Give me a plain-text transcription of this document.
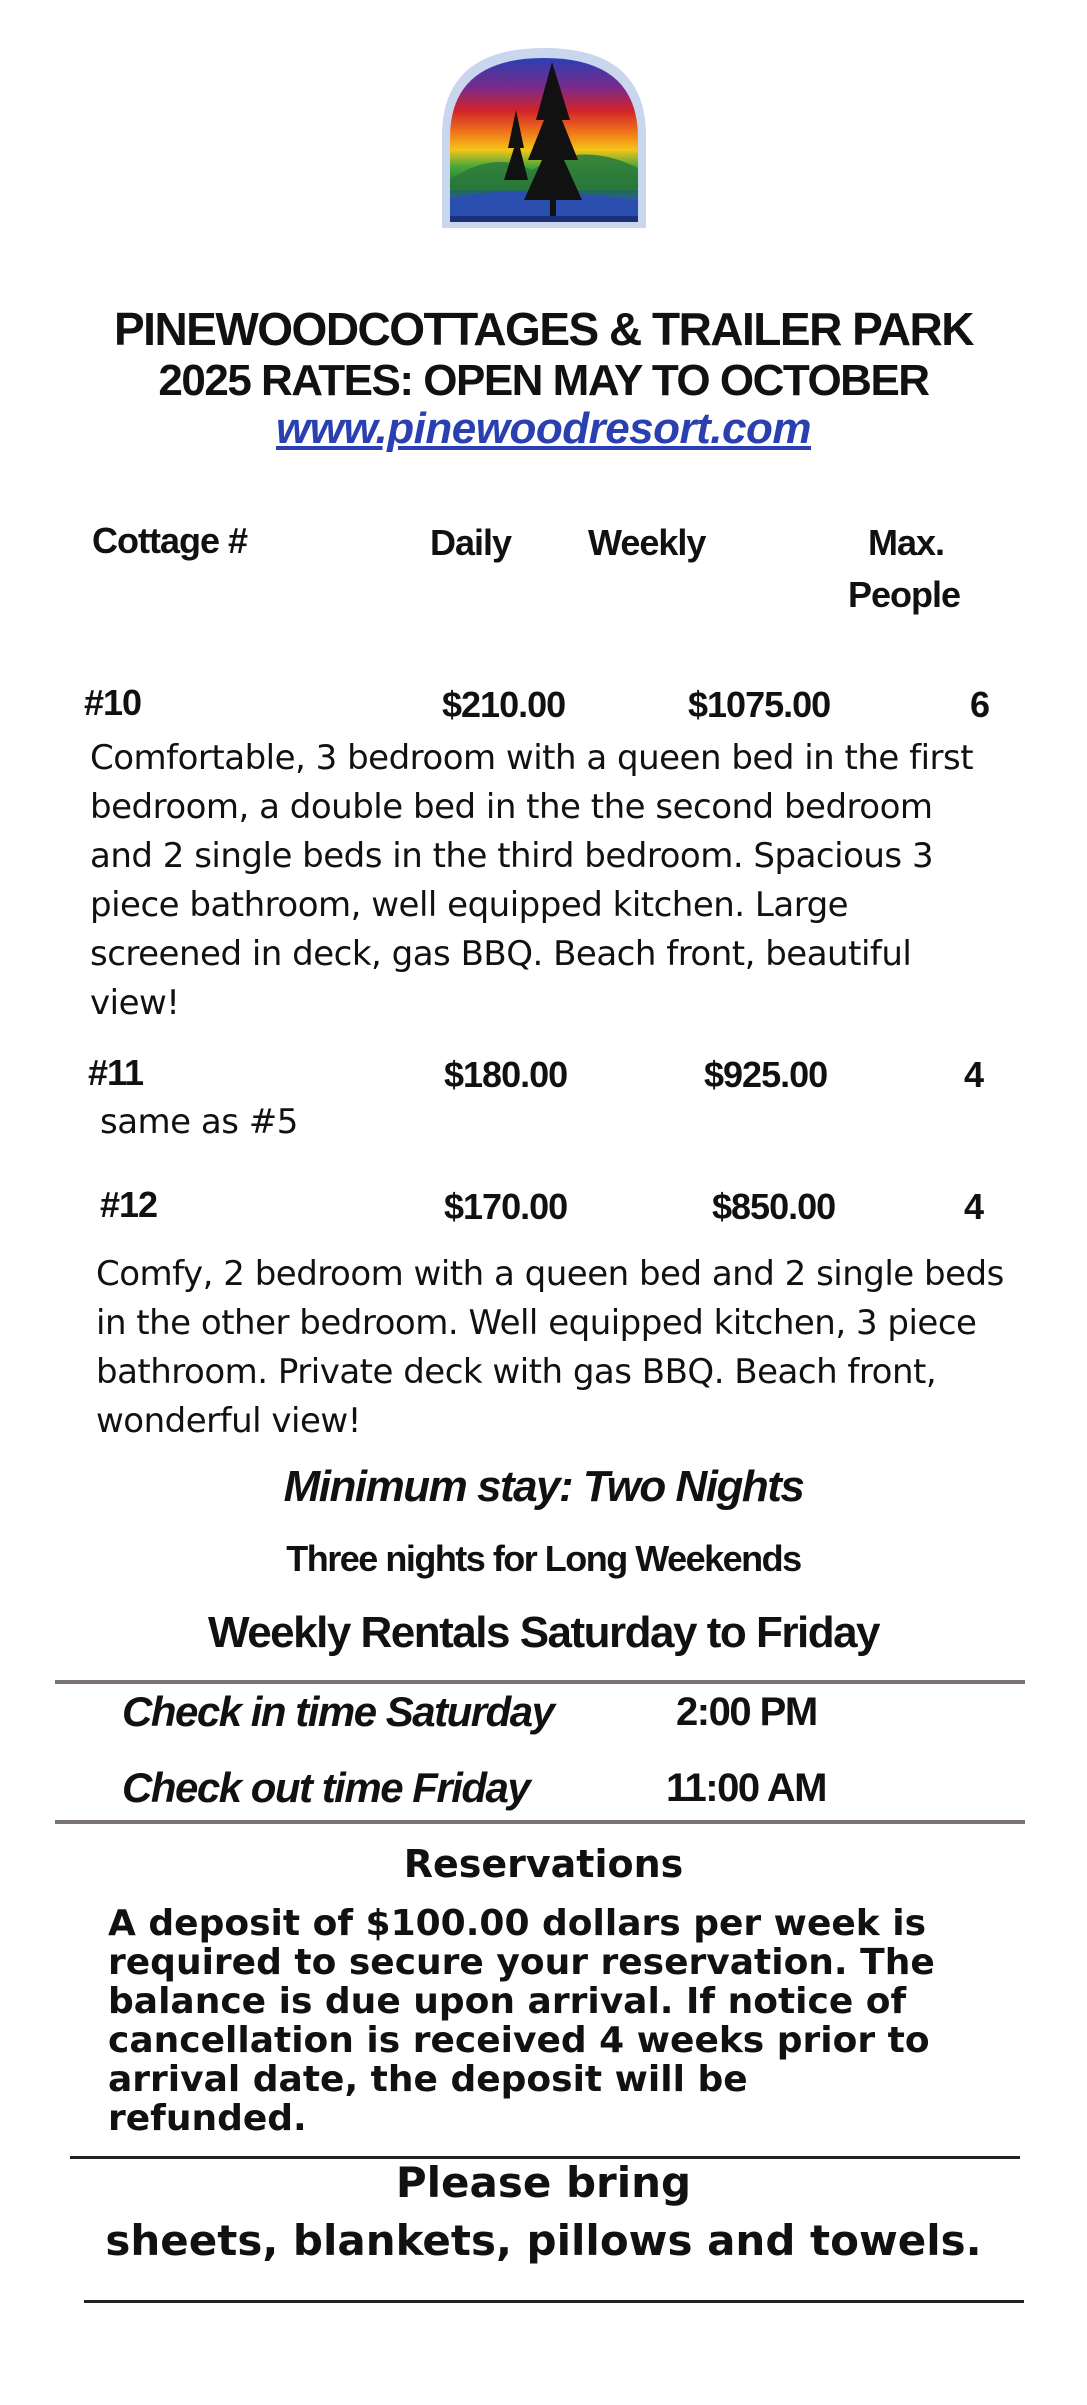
PINEWOODCOTTAGES & TRAILER PARK
2025 RATES: OPEN MAY TO OCTOBER
www.pinewoodresort.com
Cottage #	Daily Weekly	Max.
People
#10	$210.00	$1075.00	6
Comfortable, 3 bedroom with a queen bed in the first
bedroom, a double bed in the the second bedroom
and 2 single beds in the third bedroom. Spacious 3
piece bathroom, well equipped kitchen. Large
screened in deck, gas BBQ. Beach front, beautiful
view!
#11	$180.00	$925.00	4
same as #5
#12	$170.00	$850.00	4
Comfy, 2 bedroom with a queen bed and 2 single beds
in the other bedroom. Well equipped kitchen, 3 piece
bathroom. Private deck with gas BBQ. Beach front,
wonderful view!
Minimum stay: Two Nights
Three nights for Long Weekends
Weekly Rentals Saturday to Friday
Check in time Saturday	2:00 PM
Check out time Friday	11:00 AM
Reservations
A deposit of $100.00 dollars per week is
required to secure your reservation. The
balance is due upon arrival. If notice of
cancellation is received 4 weeks prior to
arrival date, the deposit will be
refunded.
Please bring
sheets, blankets, pillows and towels.
